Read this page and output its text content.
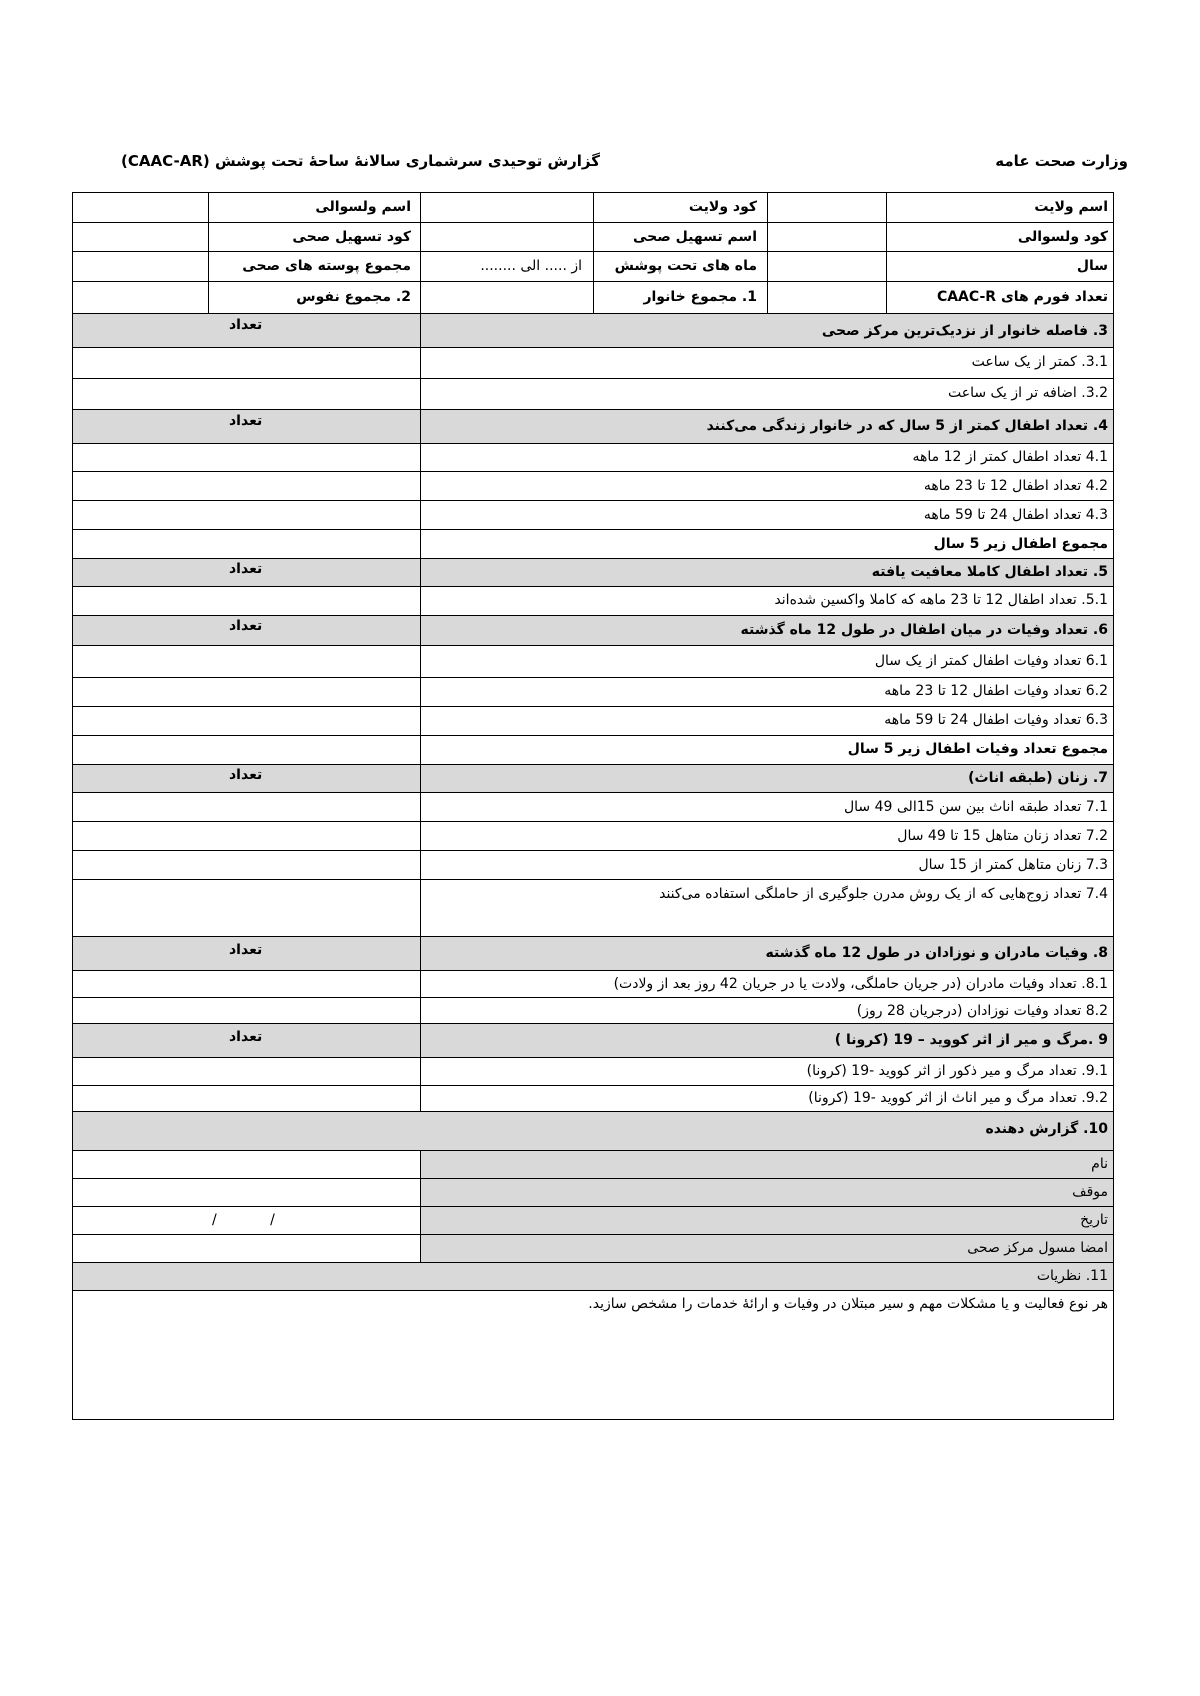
وزارت صحت عامه
گزارش توحیدی سرشماری سالانهٔ ساحهٔ تحت پوشش (CAAC-AR)
اسم ولایت
کود ولایت
اسم ولسوالی
کود ولسوالی
اسم تسهیل صحی
کود تسهیل صحی
سال
ماه های تحت پوشش
از ..... الی ........
مجموع پوسته های صحی
تعداد فورم های CAAC-R
1. مجموع خانوار
2. مجموع نفوس
3. فاصله خانوار از نزدیک‌ترین مرکز صحی
تعداد
3.1. کمتر از یک ساعت
3.2. اضافه تر از یک ساعت
4. تعداد اطفال کمتر از 5 سال که در خانوار زندگی می‌کنند
تعداد
4.1 تعداد اطفال کمتر از 12 ماهه
4.2 تعداد اطفال 12 تا 23 ماهه
4.3 تعداد اطفال 24 تا 59 ماهه
مجموع اطفال زیر 5 سال
5. تعداد اطفال کاملا معافیت یافته
تعداد
5.1. تعداد اطفال 12 تا 23 ماهه که کاملا واکسین شده‌اند
6. تعداد وفیات در میان اطفال در طول 12 ماه گذشته
تعداد
6.1 تعداد وفیات اطفال کمتر از یک سال
6.2 تعداد وفیات اطفال 12 تا 23 ماهه
6.3 تعداد وفیات اطفال 24 تا 59 ماهه
مجموع تعداد وفیات اطفال زیر 5 سال
7. زنان (طبقه اناث)
تعداد
7.1 تعداد طبقه اناث بین سن 15الی 49 سال
7.2 تعداد زنان متاهل 15 تا 49 سال
7.3 زنان متاهل کمتر از 15 سال
7.4 تعداد زوج‌هایی که از یک روش مدرن جلوگیری از حاملگی استفاده می‌کنند
8. وفیات مادران و نوزادان در طول 12 ماه گذشته
تعداد
8.1. تعداد وفیات مادران (در جریان حاملگی، ولادت یا در جریان 42 روز بعد از ولادت)
8.2 تعداد وفیات نوزادان (درجریان 28 روز)
9 .مرگ و میر از اثر کووید – 19 (کرونا )
تعداد
9.1. تعداد مرگ و میر ذکور از اثر کووید -19 (کرونا)
9.2. تعداد مرگ و میر اناث از اثر کووید -19 (کرونا)
10. گزارش دهنده
نام
موقف
تاریخ
/            /
امضا مسول مرکز صحی
11. نظریات
هر نوع فعالیت و یا مشکلات مهم و سیر مبتلان در وفیات و ارائهٔ خدمات را مشخص سازید.
